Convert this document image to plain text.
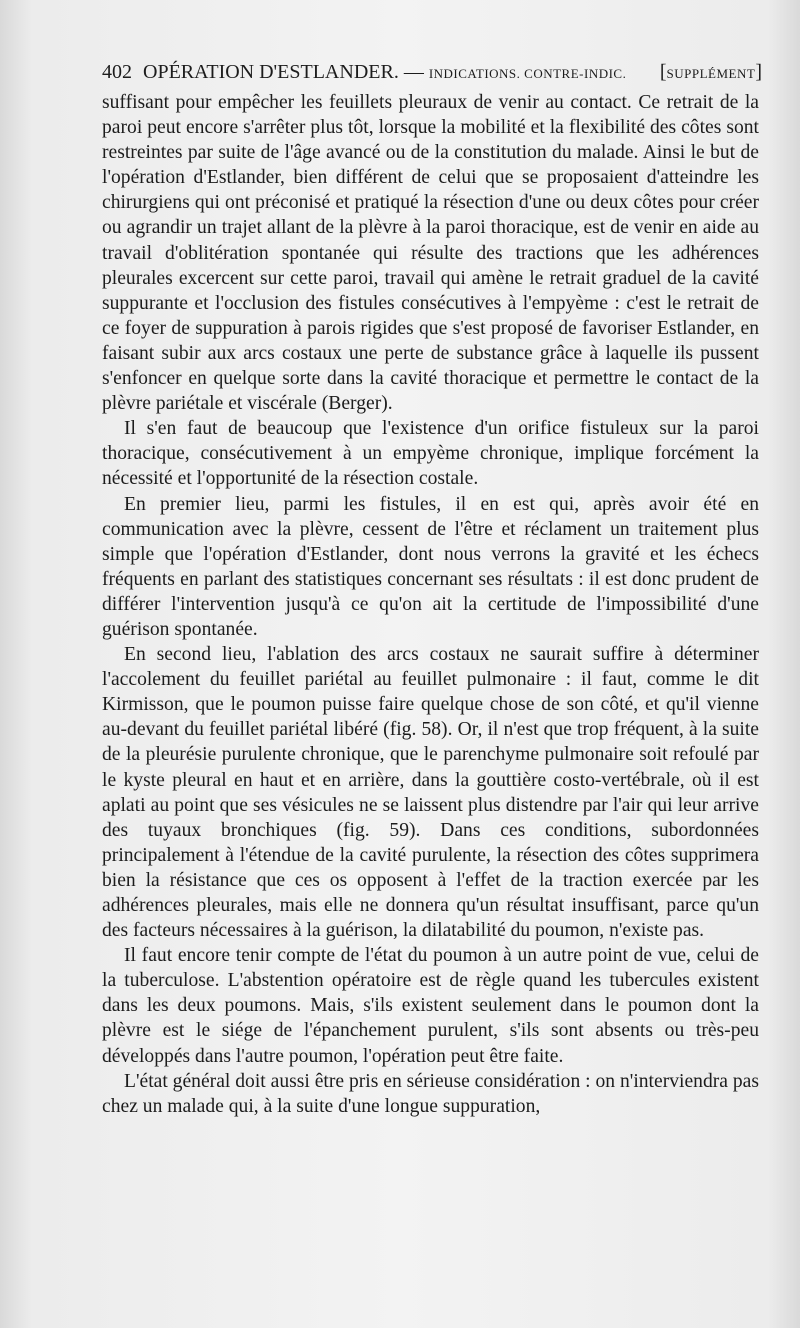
402 OPÉRATION D'ESTLANDER. — INDICATIONS. CONTRE-INDIC. [SUPPLÉMENT]

suffisant pour empêcher les feuillets pleuraux de venir au contact. Ce retrait de la paroi peut encore s'arrêter plus tôt, lorsque la mobilité et la flexibilité des côtes sont restreintes par suite de l'âge avancé ou de la constitution du malade. Ainsi le but de l'opération d'Estlander, bien différent de celui que se proposaient d'atteindre les chirurgiens qui ont préconisé et pratiqué la résection d'une ou deux côtes pour créer ou agrandir un trajet allant de la plèvre à la paroi thoracique, est de venir en aide au travail d'oblitération spontanée qui résulte des tractions que les adhérences pleurales excercent sur cette paroi, travail qui amène le retrait graduel de la cavité suppurante et l'occlusion des fistules consécutives à l'empyème : c'est le retrait de ce foyer de suppuration à parois rigides que s'est proposé de favoriser Estlander, en faisant subir aux arcs costaux une perte de substance grâce à laquelle ils pussent s'enfoncer en quelque sorte dans la cavité thoracique et permettre le contact de la plèvre pariétale et viscérale (Berger).

Il s'en faut de beaucoup que l'existence d'un orifice fistuleux sur la paroi thoracique, consécutivement à un empyème chronique, implique forcément la nécessité et l'opportunité de la résection costale.

En premier lieu, parmi les fistules, il en est qui, après avoir été en communication avec la plèvre, cessent de l'être et réclament un traitement plus simple que l'opération d'Estlander, dont nous verrons la gravité et les échecs fréquents en parlant des statistiques concernant ses résultats : il est donc prudent de différer l'intervention jusqu'à ce qu'on ait la certitude de l'impossibilité d'une guérison spontanée.

En second lieu, l'ablation des arcs costaux ne saurait suffire à déterminer l'accolement du feuillet pariétal au feuillet pulmonaire : il faut, comme le dit Kirmisson, que le poumon puisse faire quelque chose de son côté, et qu'il vienne au-devant du feuillet pariétal libéré (fig. 58). Or, il n'est que trop fréquent, à la suite de la pleurésie purulente chronique, que le parenchyme pulmonaire soit refoulé par le kyste pleural en haut et en arrière, dans la gouttière costo-vertébrale, où il est aplati au point que ses vésicules ne se laissent plus distendre par l'air qui leur arrive des tuyaux bronchiques (fig. 59). Dans ces conditions, subordonnées principalement à l'étendue de la cavité purulente, la résection des côtes supprimera bien la résistance que ces os opposent à l'effet de la traction exercée par les adhérences pleurales, mais elle ne donnera qu'un résultat insuffisant, parce qu'un des facteurs nécessaires à la guérison, la dilatabilité du poumon, n'existe pas.

Il faut encore tenir compte de l'état du poumon à un autre point de vue, celui de la tuberculose. L'abstention opératoire est de règle quand les tubercules existent dans les deux poumons. Mais, s'ils existent seulement dans le poumon dont la plèvre est le siége de l'épanchement purulent, s'ils sont absents ou très-peu développés dans l'autre poumon, l'opération peut être faite.

L'état général doit aussi être pris en sérieuse considération : on n'interviendra pas chez un malade qui, à la suite d'une longue suppuration,
